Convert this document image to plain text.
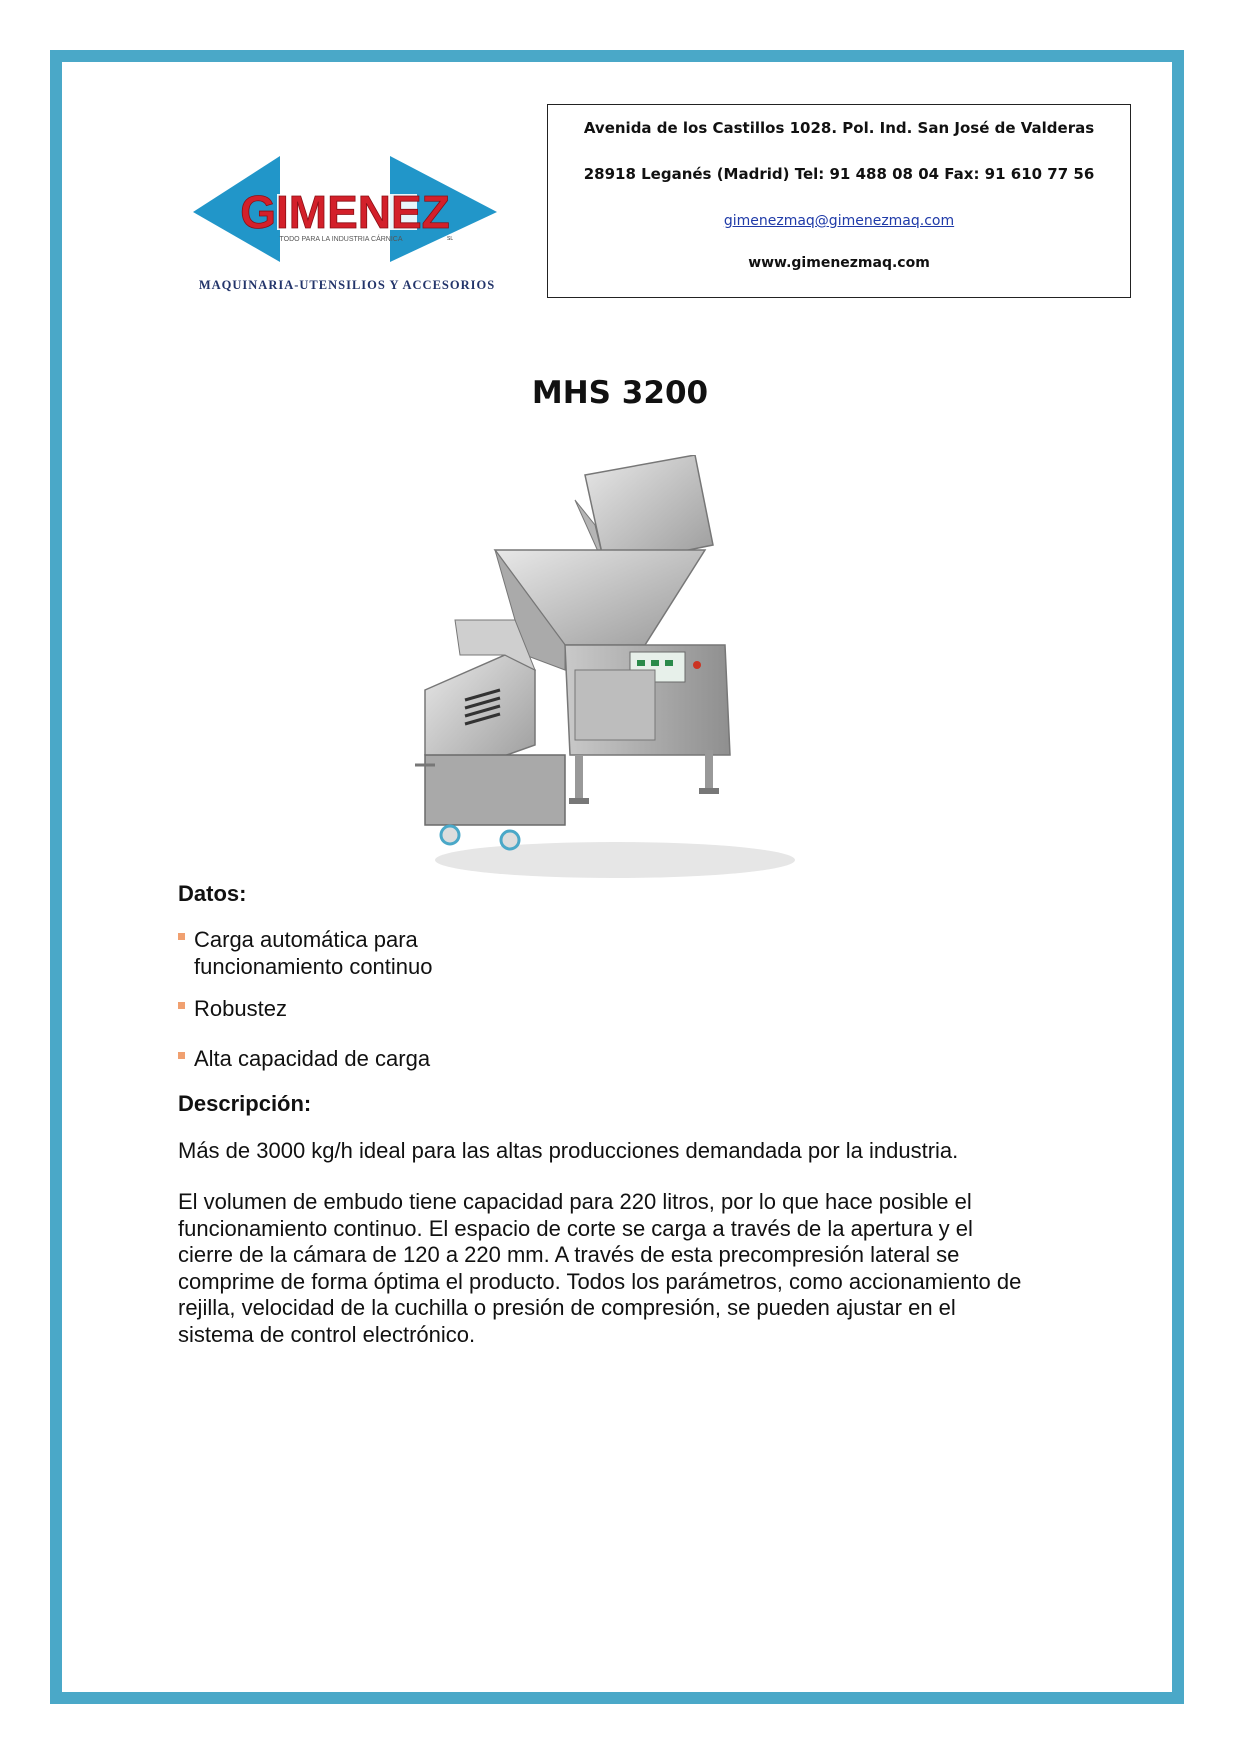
GIMENEZ
TODO PARA LA INDUSTRIA CÁRNICA	SL
MAQUINARIA-UTENSILIOS Y ACCESORIOS
Avenida de los Castillos 1028. Pol. Ind. San José de Valderas
28918 Leganés (Madrid) Tel: 91 488 08 04 Fax: 91 610 77 56
gimenezmaq@gimenezmaq.com
www.gimenezmaq.com
MHS 3200
Datos:
Carga automática para
funcionamiento continuo
Robustez
Alta capacidad de carga
Descripción:
Más de 3000 kg/h ideal para las altas producciones demandada por la industria.
El volumen de embudo tiene capacidad para 220 litros, por lo que hace posible el
funcionamiento continuo. El espacio de corte se carga a través de la apertura y el
cierre de la cámara de 120 a 220 mm. A través de esta precompresión lateral se
comprime de forma óptima el producto. Todos los parámetros, como accionamiento de
rejilla, velocidad de la cuchilla o presión de compresión, se pueden ajustar en el
sistema de control electrónico.
